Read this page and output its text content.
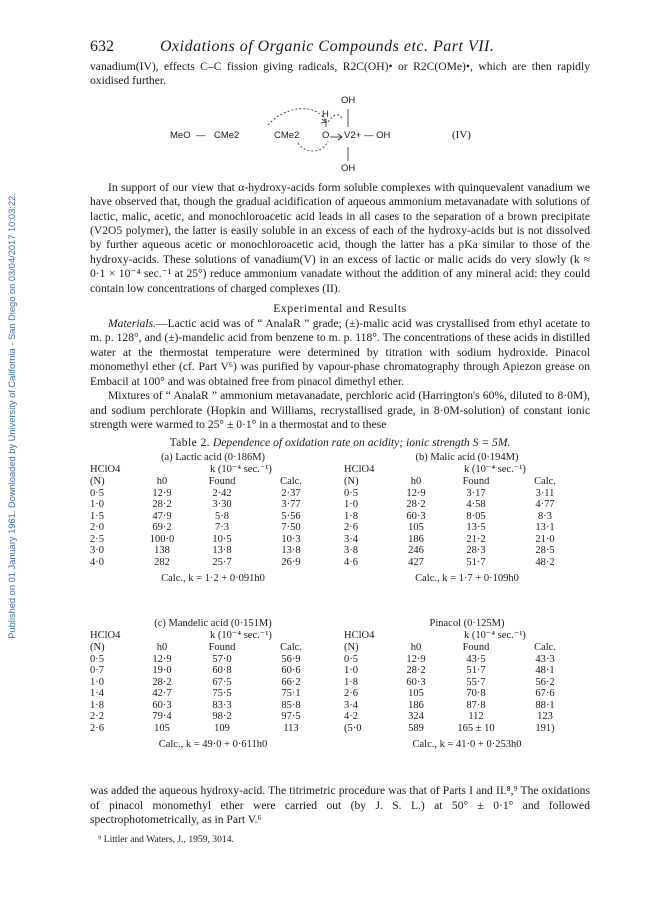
Published on 01 January 1961. Downloaded by University of California - San Diego on 03/04/2017 10:03:22.
632	Oxidations of Organic Compounds etc. Part VII.

vanadium(IV), effects C–C fission giving radicals, R2C(OH)• or R2C(OMe)•, which are then rapidly oxidised further.

OH
H
MeO — CMe2	CMe2 O V2+ — OH
OH
(IV)

In support of our view that α-hydroxy-acids form soluble complexes with quinquevalent vanadium we have observed that, though the gradual acidification of aqueous ammonium metavanadate with solutions of lactic, malic, acetic, and monochloroacetic acid leads in all cases to the separation of a brown precipitate (V2O5 polymer), the latter is easily soluble in an excess of each of the hydroxy-acids but is not dissolved by further aqueous acetic or monochloroacetic acid, though the latter has a pKa similar to those of the hydroxy-acids. These solutions of vanadium(V) in an excess of lactic or malic acids do very slowly (k ≈ 0·1 × 10⁻⁴ sec.⁻¹ at 25°) reduce ammonium vanadate without the addition of any mineral acid: they could contain low concentrations of charged complexes (II).

Experimental and Results

Materials.—Lactic acid was of “ AnalaR ” grade; (±)-malic acid was crystallised from ethyl acetate to m. p. 128°, and (±)-mandelic acid from benzene to m. p. 118°. The concentrations of these acids in distilled water at the thermostat temperature were determined by titration with sodium hydroxide. Pinacol monomethyl ether (cf. Part V⁶) was purified by vapour-phase chromatography through Apiezon grease on Embacil at 100° and was obtained free from pinacol dimethyl ether.

Mixtures of “ AnalaR ” ammonium metavanadate, perchloric acid (Harrington's 60%, diluted to 8·0M), and sodium perchlorate (Hopkin and Williams, recrystallised grade, in 8·0M-solution) of constant ionic strength were warmed to 25° ± 0·1° in a thermostat and to these

Table 2. Dependence of oxidation rate on acidity; ionic strength S = 5M.
(a) Lactic acid (0·186M)
HClO4	k (10⁻⁴ sec.⁻¹)
(N)	h0	Found	Calc.
0·5	12·9	2·42	2·37
1·0	28·2	3·30	3·77
1·5	47·9	5·8	5·56
2·0	69·2	7·3	7·50
2·5	100·0	10·5	10·3
3·0	138	13·8	13·8
4·0	282	25·7	26·9
Calc., k = 1·2 + 0·091h0
(b) Malic acid (0·194M)
HClO4	k (10⁻⁴ sec.⁻¹)
(N)	h0	Found	Calc.
0·5	12·9	3·17	3·11
1·0	28·2	4·58	4·77
1·8	60·3	8·05	8·3
2·6	105	13·5	13·1
3·4	186	21·2	21·0
3·8	246	28·3	28·5
4·6	427	51·7	48·2
Calc., k = 1·7 + 0·109h0
(c) Mandelic acid (0·151M)
HClO4	k (10⁻⁴ sec.⁻¹)
(N)	h0	Found	Calc.
0·5	12·9	57·0	56·9
0·7	19·0	60·8	60·6
1·0	28·2	67·5	66·2
1·4	42·7	75·5	75·1
1·8	60·3	83·3	85·8
2·2	79·4	98·2	97·5
2·6	105	109	113
Calc., k = 49·0 + 0·611h0
Pinacol (0·125M)
HClO4	k (10⁻⁴ sec.⁻¹)
(N)	h0	Found	Calc.
0·5	12·9	43·5	43·3
1·0	28·2	51·7	48·1
1·8	60·3	55·7	56·2
2·6	105	70·8	67·6
3·4	186	87·8	88·1
4·2	324	112	123
(5·0	589	165 ± 10	191)
Calc., k = 41·0 + 0·253h0

was added the aqueous hydroxy-acid. The titrimetric procedure was that of Parts I and II.⁸,⁹ The oxidations of pinacol monomethyl ether were carried out (by J. S. L.) at 50° ± 0·1° and followed spectrophotometrically, as in Part V.⁶

⁹ Littler and Waters, J., 1959, 3014.
